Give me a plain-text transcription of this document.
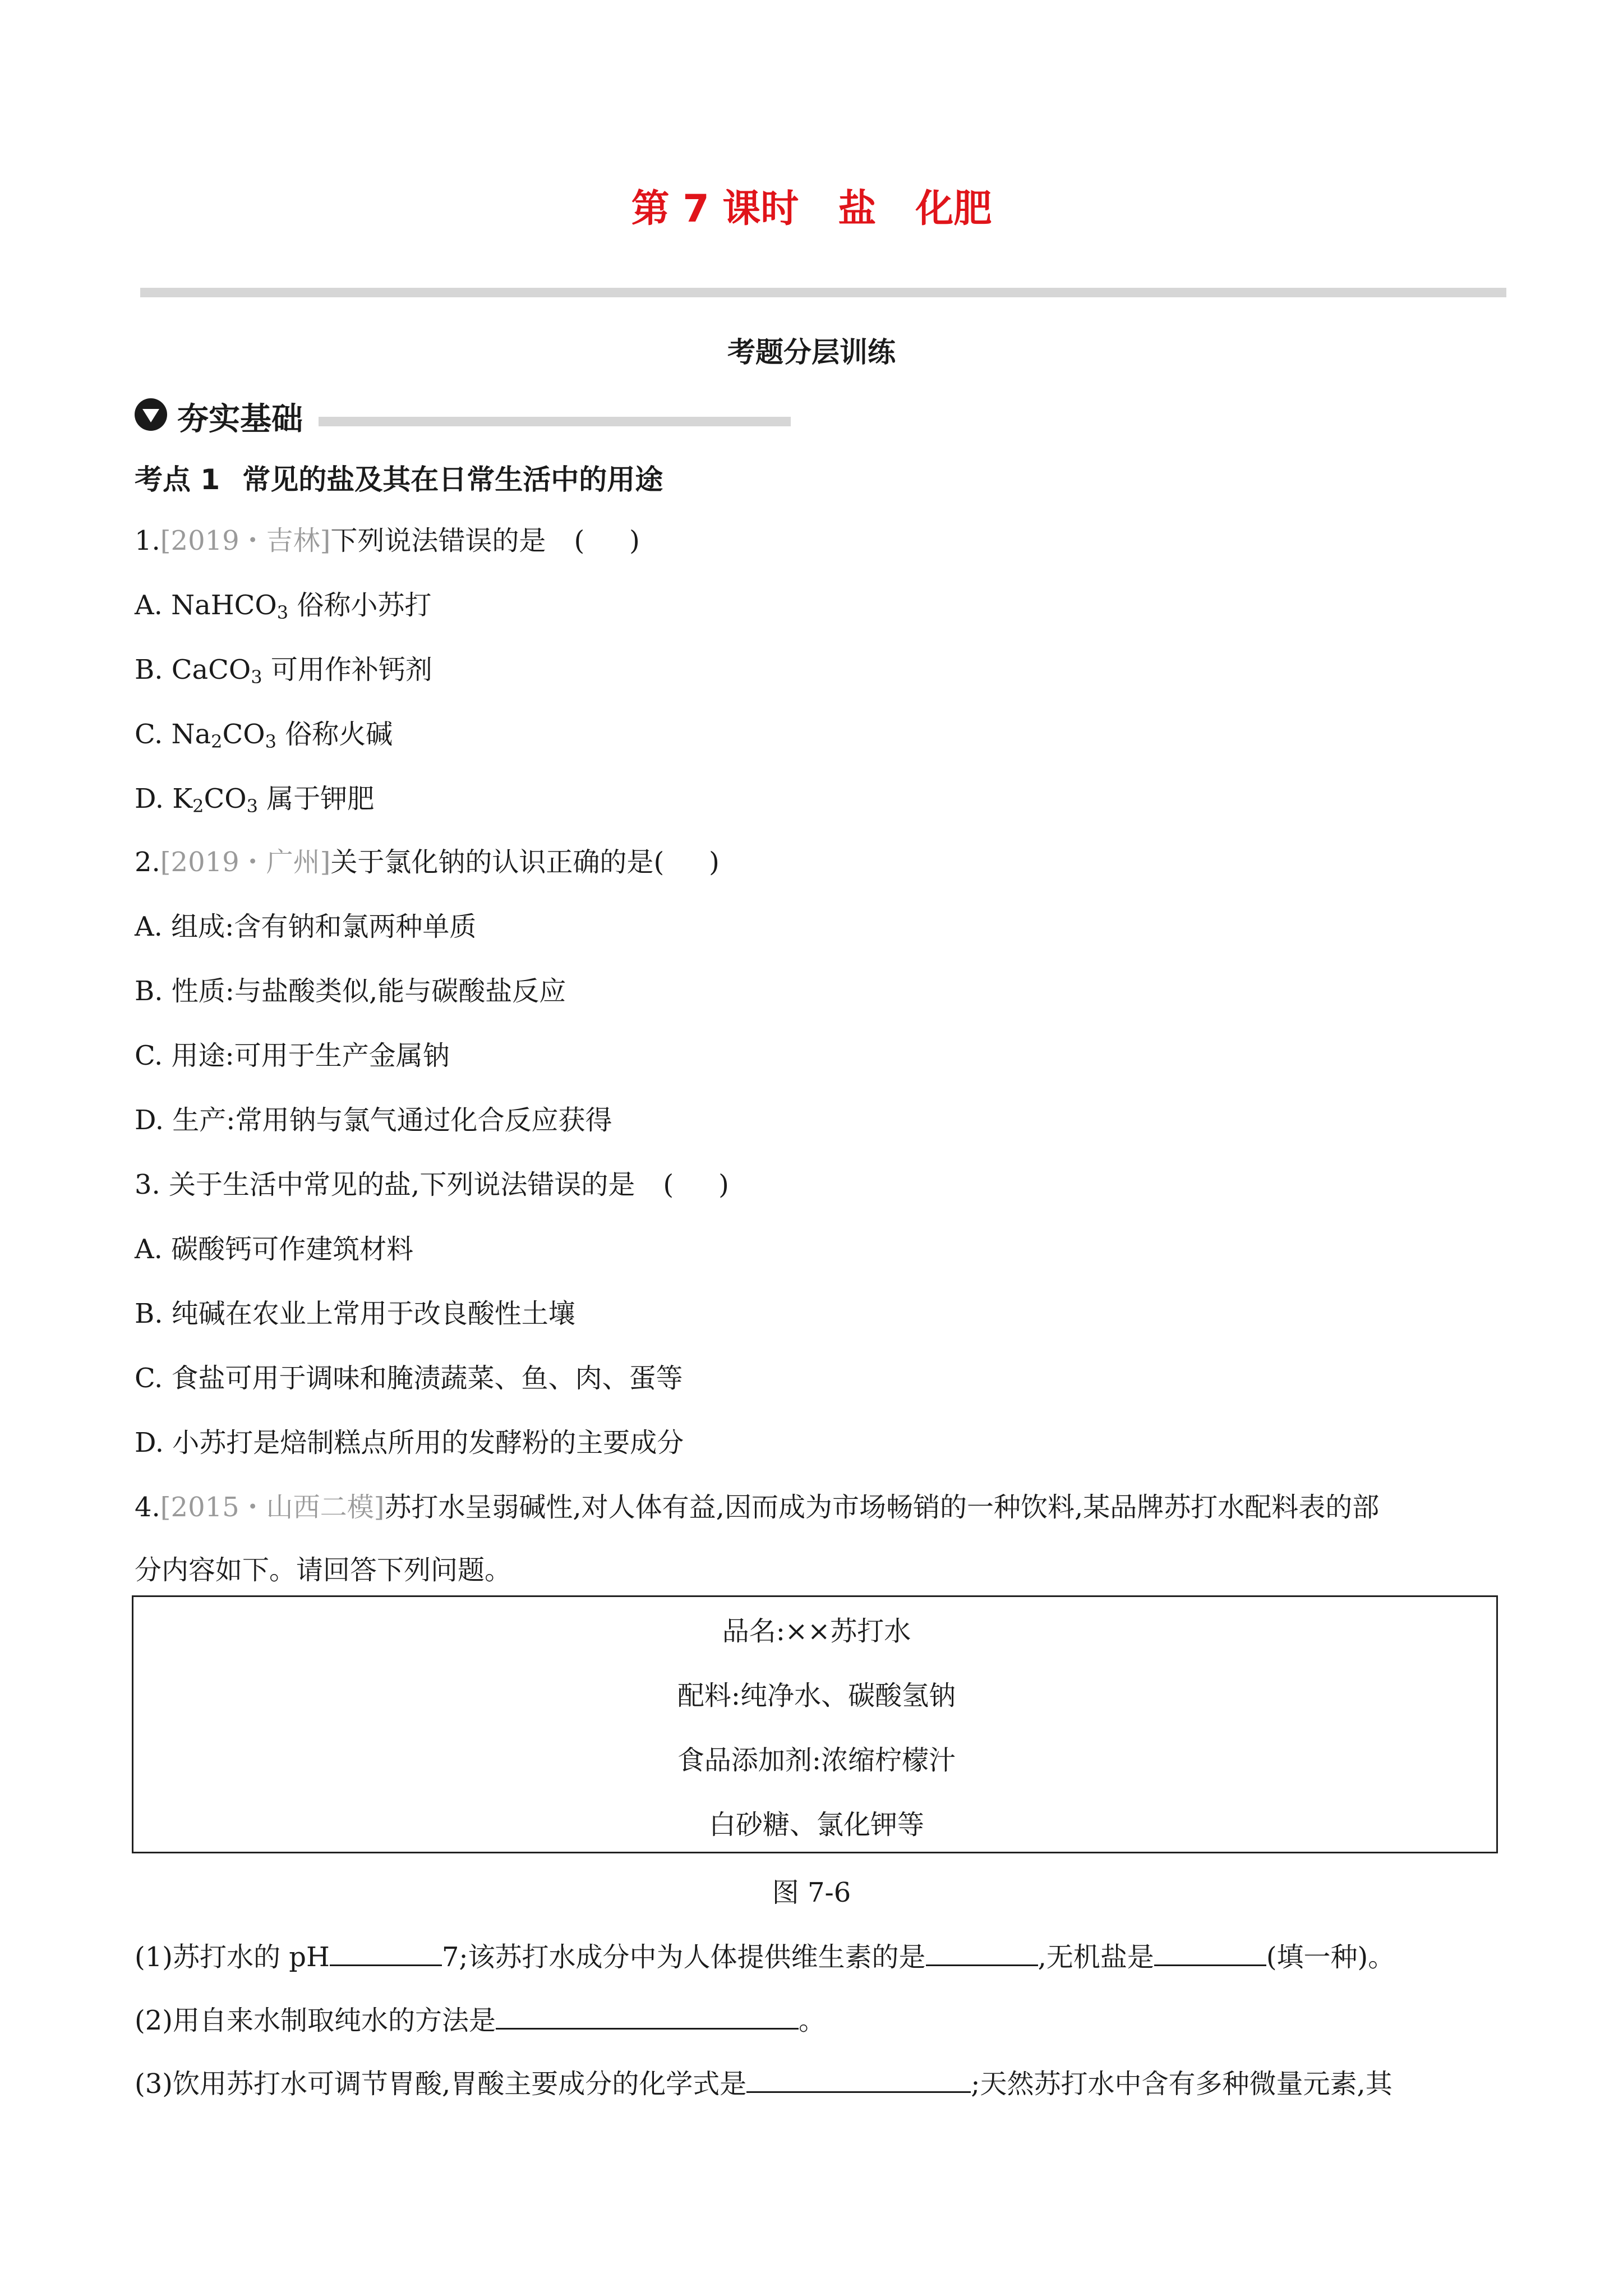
第 7 课时 盐 化肥
考题分层训练
夯实基础
考点 1 常见的盐及其在日常生活中的用途
1.[2019・吉林]下列说法错误的是 ( )
A. NaHCO$_3$ 俗称小苏打
B. CaCO$_3$ 可用作补钙剂
C. $Na_2CO_3$ 俗称火碱
D. $K_2CO_3$ 属于钾肥
2.[2019・广州]关于氯化钠的认识正确的是( )
A. 组成:含有钠和氯两种单质
B. 性质:与盐酸类似,能与碳酸盐反应
C. 用途:可用于生产金属钠
D. 生产:常用钠与氯气通过化合反应获得
3. 关于生活中常见的盐,下列说法错误的是 ( )
A. 碳酸钙可作建筑材料
B. 纯碱在农业上常用于改良酸性土壤
C. 食盐可用于调味和腌渍蔬菜、鱼、肉、蛋等
D. 小苏打是焙制糕点所用的发酵粉的主要成分
4.[2015・山西二模]苏打水呈弱碱性,对人体有益,因而成为市场畅销的一种饮料,某品牌苏打水配料表的部
分内容如下。请回答下列问题。
品名:××苏打水
配料:纯净水、碳酸氢钠
食品添加剂:浓缩柠檬汁
白砂糖、氯化钾等
图 7-6
(1)苏打水的 pH	7;该苏打水成分中为人体提供维生素的是	,无机盐是	(填一种)。
(2)用自来水制取纯水的方法是	。
(3)饮用苏打水可调节胃酸,胃酸主要成分的化学式是	;天然苏打水中含有多种微量元素,其
